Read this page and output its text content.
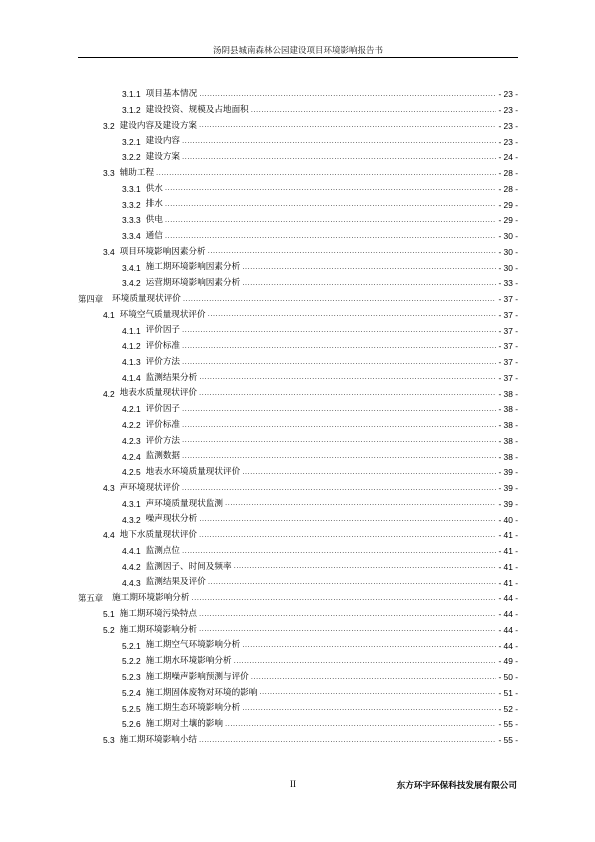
汤阴县城南森林公园建设项目环境影响报告书
3.1.1 项目基本情况 .....	- 23 -
3.1.2 建设投资、规模及占地面积 .....	- 23 -
3.2 建设内容及建设方案 .....	- 23 -
3.2.1 建设内容 .....	- 23 -
3.2.2 建设方案 .....	- 24 -
3.3 辅助工程 .....	- 28 -
3.3.1 供水 .....	- 28 -
3.3.2 排水 .....	- 29 -
3.3.3 供电 .....	- 29 -
3.3.4 通信 .....	- 30 -
3.4 项目环境影响因素分析 .....	- 30 -
3.4.1 施工期环境影响因素分析 .....	- 30 -
3.4.2 运营期环境影响因素分析 .....	- 33 -
第四章 环境质量现状评价 .....	- 37 -
4.1 环境空气质量现状评价 .....	- 37 -
4.1.1 评价因子 .....	- 37 -
4.1.2 评价标准 .....	- 37 -
4.1.3 评价方法 .....	- 37 -
4.1.4 监测结果分析 .....	- 37 -
4.2 地表水质量现状评价 .....	- 38 -
4.2.1 评价因子 .....	- 38 -
4.2.2 评价标准 .....	- 38 -
4.2.3 评价方法 .....	- 38 -
4.2.4 监测数据 .....	- 38 -
4.2.5 地表水环境质量现状评价 .....	- 39 -
4.3 声环境现状评价 .....	- 39 -
4.3.1 声环境质量现状监测 .....	- 39 -
4.3.2 噪声现状分析 .....	- 40 -
4.4 地下水质量现状评价 .....	- 41 -
4.4.1 监测点位 .....	- 41 -
4.4.2 监测因子、时间及频率 .....	- 41 -
4.4.3 监测结果及评价 .....	- 41 -
第五章 施工期环境影响分析 .....	- 44 -
5.1 施工期环境污染特点 .....	- 44 -
5.2 施工期环境影响分析 .....	- 44 -
5.2.1 施工期空气环境影响分析 .....	- 44 -
5.2.2 施工期水环境影响分析 .....	- 49 -
5.2.3 施工期噪声影响预测与评价 .....	- 50 -
5.2.4 施工期固体废物对环境的影响 .....	- 51 -
5.2.5 施工期生态环境影响分析 .....	- 52 -
5.2.6 施工期对土壤的影响 .....	- 55 -
5.3 施工期环境影响小结 .....	- 55 -
II	东方环宇环保科技发展有限公司
